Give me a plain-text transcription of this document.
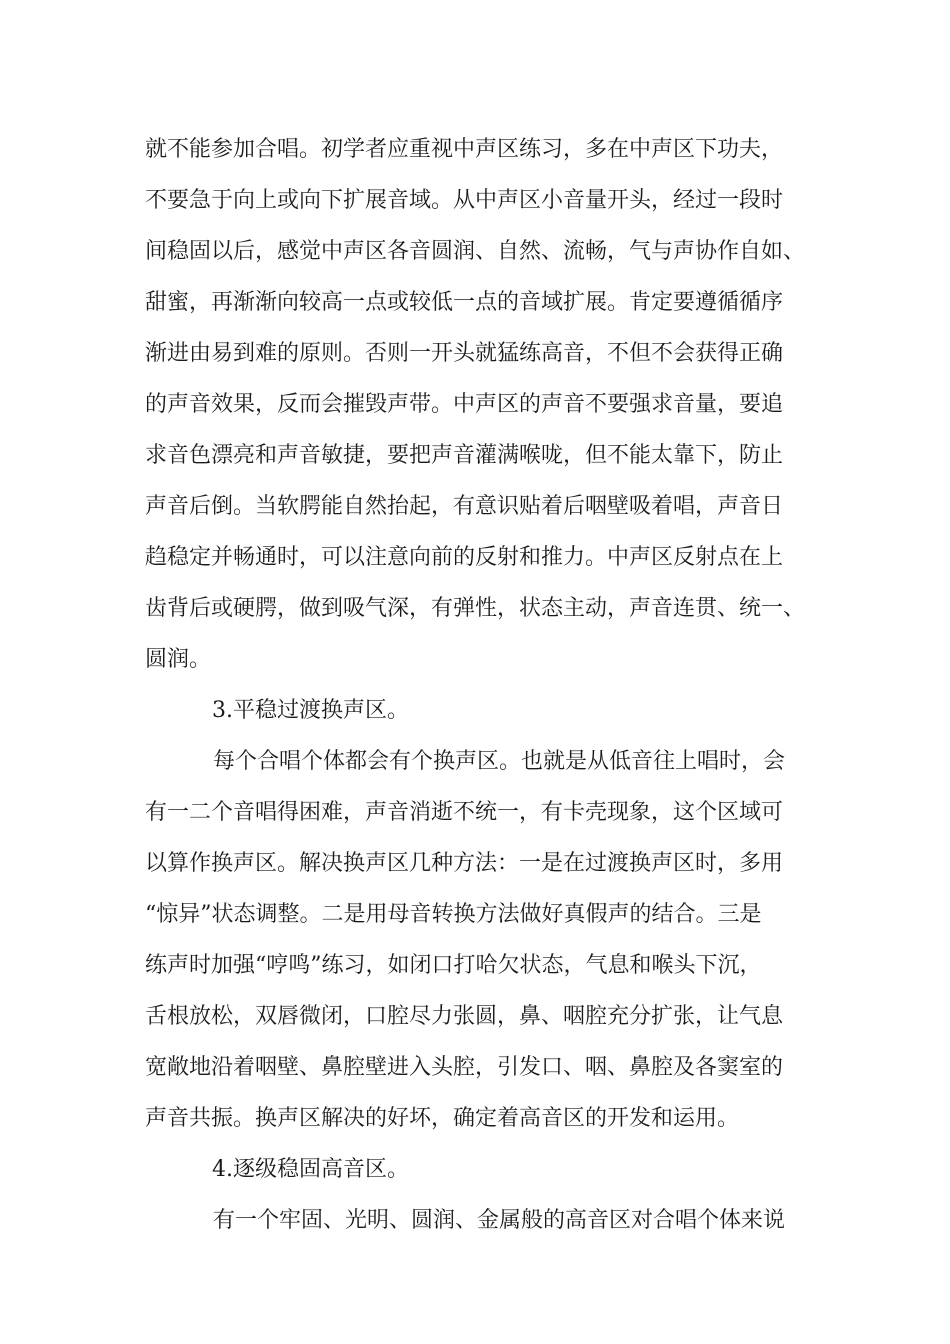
就不能参加合唱。初学者应重视中声区练习，多在中声区下功夫，
不要急于向上或向下扩展音域。从中声区小音量开头，经过一段时
间稳固以后，感觉中声区各音圆润、自然、流畅，气与声协作自如、
甜蜜，再渐渐向较高一点或较低一点的音域扩展。肯定要遵循循序
渐进由易到难的原则。否则一开头就猛练高音，不但不会获得正确
的声音效果，反而会摧毁声带。中声区的声音不要强求音量，要追
求音色漂亮和声音敏捷，要把声音灌满喉咙，但不能太靠下，防止
声音后倒。当软腭能自然抬起，有意识贴着后咽壁吸着唱，声音日
趋稳定并畅通时，可以注意向前的反射和推力。中声区反射点在上
齿背后或硬腭，做到吸气深，有弹性，状态主动，声音连贯、统一、
圆润。
3.平稳过渡换声区。
每个合唱个体都会有个换声区。也就是从低音往上唱时，会
有一二个音唱得困难，声音消逝不统一，有卡壳现象，这个区域可
以算作换声区。解决换声区几种方法：一是在过渡换声区时，多用
“惊异”状态调整。二是用母音转换方法做好真假声的结合。三是
练声时加强“哼鸣”练习，如闭口打哈欠状态，气息和喉头下沉，
舌根放松，双唇微闭，口腔尽力张圆，鼻、咽腔充分扩张，让气息
宽敞地沿着咽壁、鼻腔壁进入头腔，引发口、咽、鼻腔及各窦室的
声音共振。换声区解决的好坏，确定着高音区的开发和运用。
4.逐级稳固高音区。
有一个牢固、光明、圆润、金属般的高音区对合唱个体来说
